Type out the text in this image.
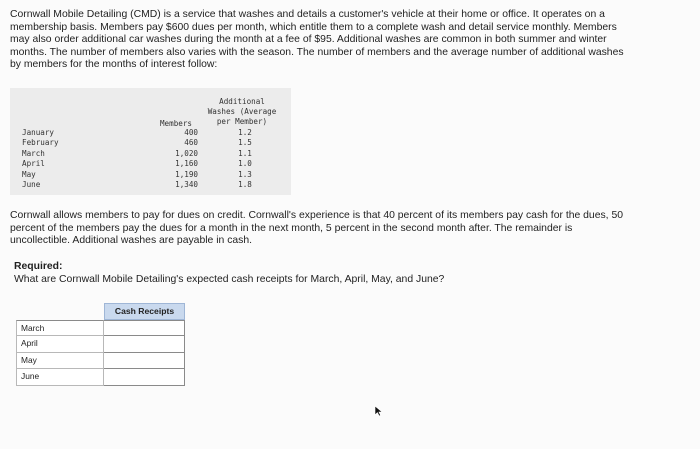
Cornwall Mobile Detailing (CMD) is a service that washes and details a customer's vehicle at their home or office. It operates on a
membership basis. Members pay $600 dues per month, which entitle them to a complete wash and detail service monthly. Members
may also order additional car washes during the month at a fee of $95. Additional washes are common in both summer and winter
months. The number of members also varies with the season. The number of members and the average number of additional washes
by members for the months of interest follow:

Additional
Washes (Average
per Member)
Members
January	400	1.2
February	460	1.5
March	1,020	1.1
April	1,160	1.0
May	1,190	1.3
June	1,340	1.8

Cornwall allows members to pay for dues on credit. Cornwall's experience is that 40 percent of its members pay cash for the dues, 50
percent of the members pay the dues for a month in the next month, 5 percent in the second month after. The remainder is
uncollectible. Additional washes are payable in cash.

Required:
What are Cornwall Mobile Detailing's expected cash receipts for March, April, May, and June?
Cash Receipts
March
April
May
June
